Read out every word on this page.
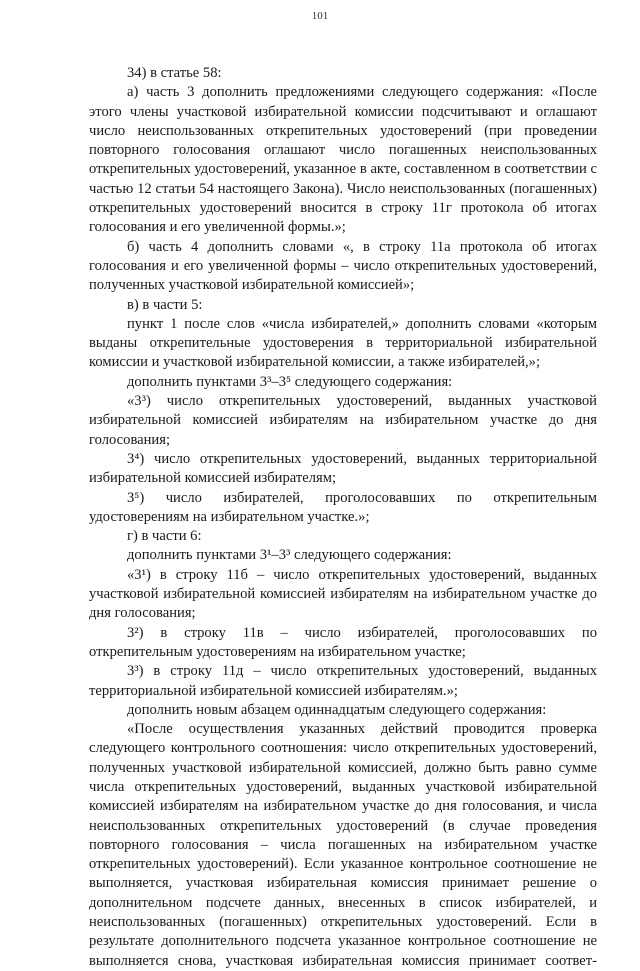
101

34) в статье 58:

а) часть 3 дополнить предложениями следующего содержания: «После этого члены участковой избирательной комиссии подсчитывают и оглашают число неиспользованных открепительных удостоверений (при проведении повторного голосования оглашают число погашенных неиспользованных открепительных удостоверений, указанное в акте, составленном в соответствии с частью 12 статьи 54 настоящего Закона). Число неиспользованных (погашенных) открепительных удостоверений вносится в строку 11г протокола об итогах голосования и его увеличенной формы.»;

б) часть 4 дополнить словами «, в строку 11а протокола об итогах голосования и его увеличенной формы – число открепительных удостоверений, полученных участковой избирательной комиссией»;

в) в части 5:

пункт 1 после слов «числа избирателей,» дополнить словами «которым выданы открепительные удостоверения в территориальной избирательной комиссии и участковой избирательной комиссии, а также избирателей,»;

дополнить пунктами 3³–3⁵ следующего содержания:

«3³) число открепительных удостоверений, выданных участковой избирательной комиссией избирателям на избирательном участке до дня голосования;

3⁴) число открепительных удостоверений, выданных территориальной избирательной комиссией избирателям;

3⁵) число избирателей, проголосовавших по открепительным удостоверениям на избирательном участке.»;

г) в части 6:

дополнить пунктами 3¹–3³ следующего содержания:

«3¹) в строку 11б – число открепительных удостоверений, выданных участковой избирательной комиссией избирателям на избирательном участке до дня голосования;

3²) в строку 11в – число избирателей, проголосовавших по открепительным удостоверениям на избирательном участке;

3³) в строку 11д – число открепительных удостоверений, выданных территориальной избирательной комиссией избирателям.»;

дополнить новым абзацем одиннадцатым следующего содержания:

«После осуществления указанных действий проводится проверка следующего контрольного соотношения: число открепительных удостоверений, полученных участковой избирательной комиссией, должно быть равно сумме числа открепительных удостоверений, выданных участковой избирательной комиссией избирателям на избирательном участке до дня голосования, и числа неиспользованных открепительных удостоверений (в случае проведения повторного голосования – числа погашенных на избирательном участке открепительных удостоверений). Если указанное контрольное соотношение не выполняется, участковая избирательная комиссия принимает решение о дополнительном подсчете данных, внесенных в список избирателей, и неиспользованных (погашенных) открепительных удостоверений. Если в результате дополнительного подсчета указанное контрольное соотношение не выполняется снова, участковая избирательная комиссия принимает соответ-
